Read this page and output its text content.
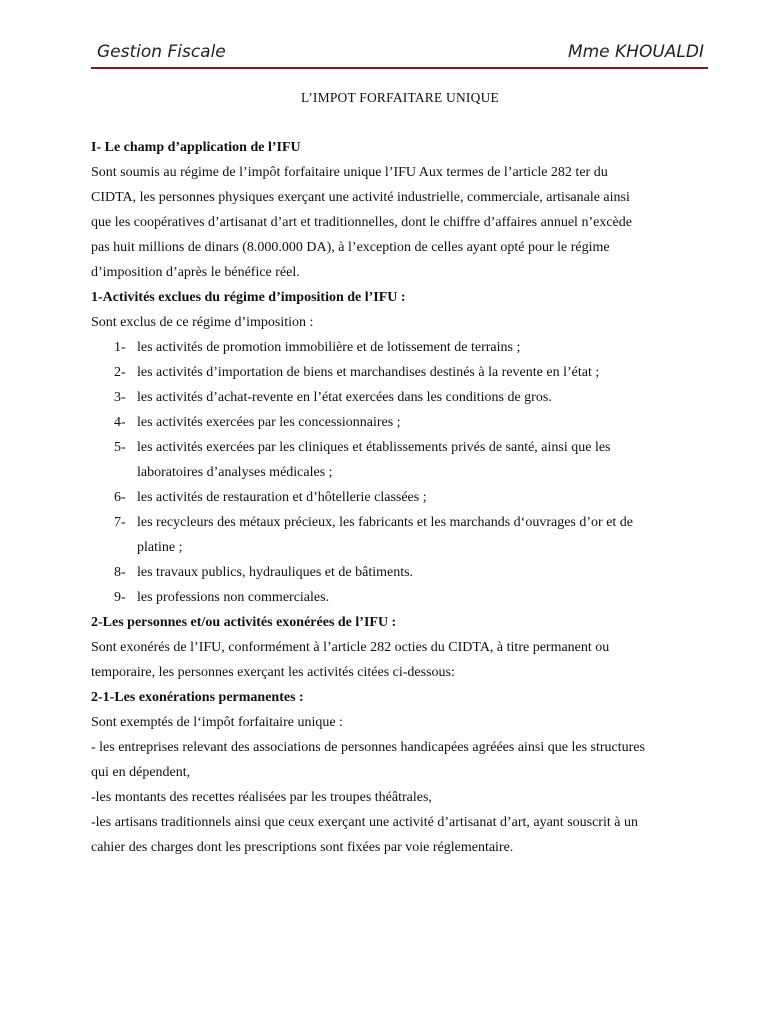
Gestion Fiscale	Mme KHOUALDI
L’IMPOT FORFAITARE UNIQUE
I- Le champ d’application de l’IFU
Sont soumis au régime de l’impôt forfaitaire unique l’IFU Aux termes de l’article 282 ter du
CIDTA, les personnes physiques exerçant une activité industrielle, commerciale, artisanale ainsi
que les coopératives d’artisanat d’art et traditionnelles, dont le chiffre d’affaires annuel n’excède
pas huit millions de dinars (8.000.000 DA), à l’exception de celles ayant opté pour le régime
d’imposition d’après le bénéfice réel.
1-Activités exclues du régime d’imposition de l’IFU :
Sont exclus de ce régime d’imposition :
1- les activités de promotion immobilière et de lotissement de terrains ;
2- les activités d’importation de biens et marchandises destinés à la revente en l’état ;
3- les activités d’achat-revente en l’état exercées dans les conditions de gros.
4- les activités exercées par les concessionnaires ;
5- les activités exercées par les cliniques et établissements privés de santé, ainsi que les
laboratoires d’analyses médicales ;
6- les activités de restauration et d’hôtellerie classées ;
7- les recycleurs des métaux précieux, les fabricants et les marchands d‘ouvrages d’or et de
platine ;
8- les travaux publics, hydrauliques et de bâtiments.
9- les professions non commerciales.
2-Les personnes et/ou activités exonérées de l’IFU :
Sont exonérés de l’IFU, conformément à l’article 282 octies du CIDTA, à titre permanent ou
temporaire, les personnes exerçant les activités citées ci-dessous:
2-1-Les exonérations permanentes :
Sont exemptés de l‘impôt forfaitaire unique :
- les entreprises relevant des associations de personnes handicapées agréées ainsi que les structures
qui en dépendent,
-les montants des recettes réalisées par les troupes théâtrales,
-les artisans traditionnels ainsi que ceux exerçant une activité d’artisanat d’art, ayant souscrit à un
cahier des charges dont les prescriptions sont fixées par voie réglementaire.
